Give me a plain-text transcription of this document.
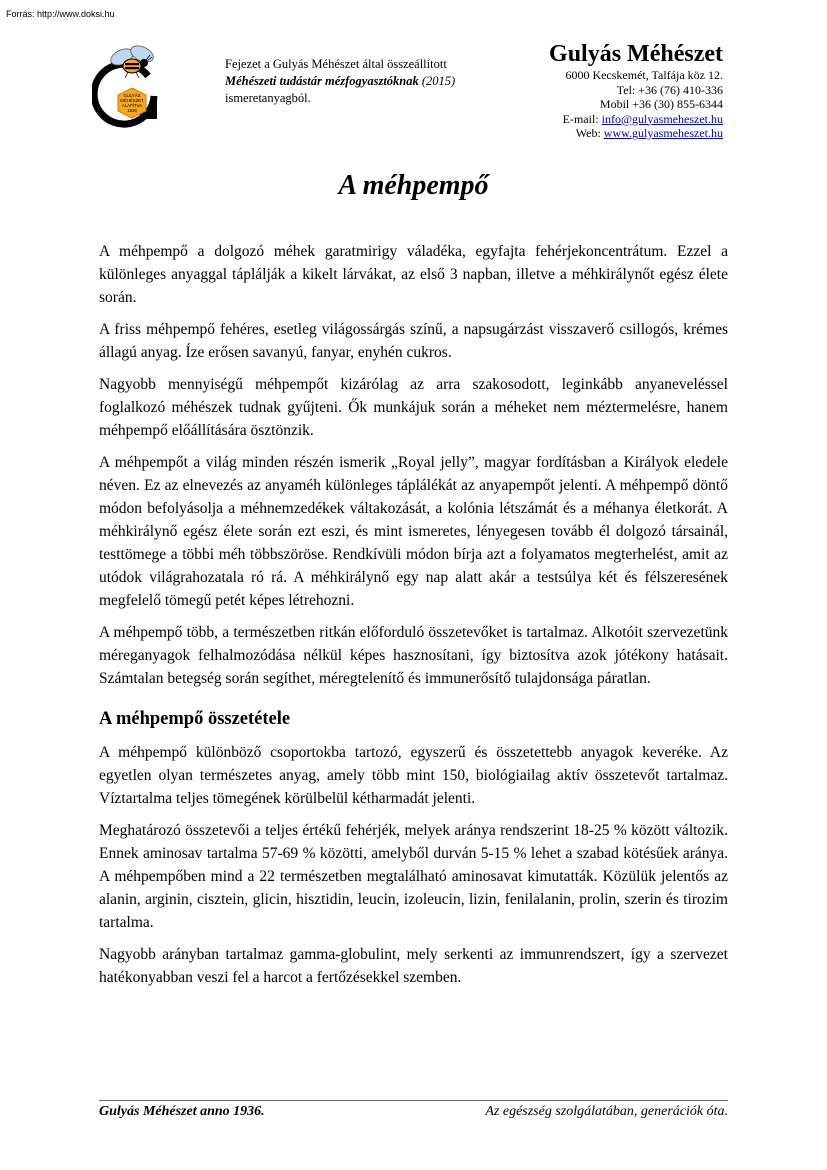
Forrás: http://www.doksi.hu
GULYÁS
MÉHÉSZET
ALAPÍTVA
1936
Fejezet a Gulyás Méhészet által összeállított
Méhészeti tudástár mézfogyasztóknak (2015)
ismeretanyagból.
Gulyás Méhészet
6000 Kecskemét, Talfája köz 12.
Tel: +36 (76) 410-336
Mobil +36 (30) 855-6344
E-mail: info@gulyasmeheszet.hu
Web: www.gulyasmeheszet.hu
A méhpempő

A méhpempő a dolgozó méhek garatmirigy váladéka, egyfajta fehérjekoncentrátum. Ezzel a különleges anyaggal táplálják a kikelt lárvákat, az első 3 napban, illetve a méhkirálynőt egész élete során.

A friss méhpempő fehéres, esetleg világossárgás színű, a napsugárzást visszaverő csillogós, krémes állagú anyag. Íze erősen savanyú, fanyar, enyhén cukros.

Nagyobb mennyiségű méhpempőt kizárólag az arra szakosodott, leginkább anyaneveléssel foglalkozó méhészek tudnak gyűjteni. Ők munkájuk során a méheket nem méztermelésre, hanem méhpempő előállítására ösztönzik.

A méhpempőt a világ minden részén ismerik „Royal jelly”, magyar fordításban a Királyok eledele néven. Ez az elnevezés az anyaméh különleges táplálékát az anyapempőt jelenti. A méhpempő döntő módon befolyásolja a méhnemzedékek váltakozását, a kolónia létszámát és a méhanya életkorát. A méhkirálynő egész élete során ezt eszi, és mint ismeretes, lényegesen tovább él dolgozó társainál, testtömege a többi méh többszöröse. Rendkívüli módon bírja azt a folyamatos megterhelést, amit az utódok világrahozatala ró rá. A méhkirálynő egy nap alatt akár a testsúlya két és félszeresének megfelelő tömegű petét képes létrehozni.

A méhpempő több, a természetben ritkán előforduló összetevőket is tartalmaz. Alkotóit szervezetünk méreganyagok felhalmozódása nélkül képes hasznosítani, így biztosítva azok jótékony hatásait. Számtalan betegség során segíthet, méregtelenítő és immunerősítő tulajdonsága páratlan.

A méhpempő összetétele

A méhpempő különböző csoportokba tartozó, egyszerű és összetettebb anyagok keveréke. Az egyetlen olyan természetes anyag, amely több mint 150, biológiailag aktív összetevőt tartalmaz. Víztartalma teljes tömegének körülbelül kétharmadát jelenti.

Meghatározó összetevői a teljes értékű fehérjék, melyek aránya rendszerint 18-25 % között változik. Ennek aminosav tartalma 57-69 % közötti, amelyből durván 5-15 % lehet a szabad kötésűek aránya. A méhpempőben mind a 22 természetben megtalálható aminosavat kimutatták. Közülük jelentős az alanin, arginin, cisztein, glicin, hisztidin, leucin, izoleucin, lizin, fenilalanin, prolin, szerin és tirozim tartalma.

Nagyobb arányban tartalmaz gamma-globulint, mely serkenti az immunrendszert, így a szervezet hatékonyabban veszi fel a harcot a fertőzésekkel szemben.

Gulyás Méhészet anno 1936.	Az egészség szolgálatában, generációk óta.
